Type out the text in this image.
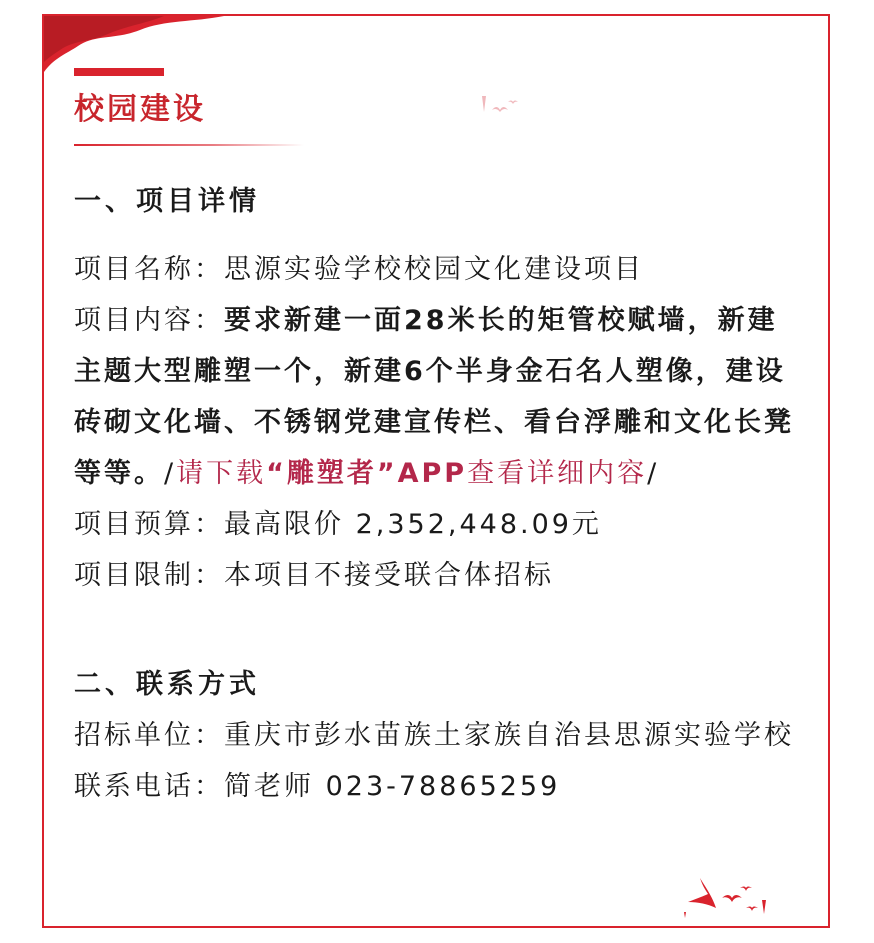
校园建设
一、项目详情

项目名称：思源实验学校校园文化建设项目

项目内容：要求新建一面28米长的矩管校赋墙，新建主题大型雕塑一个，新建6个半身金石名人塑像，建设砖砌文化墙、不锈钢党建宣传栏、看台浮雕和文化长凳等等。/请下载“雕塑者”APP查看详细内容/

项目预算：最高限价 2,352,448.09元

项目限制：本项目不接受联合体招标

二、联系方式

招标单位：重庆市彭水苗族土家族自治县思源实验学校

联系电话：简老师 023-78865259
